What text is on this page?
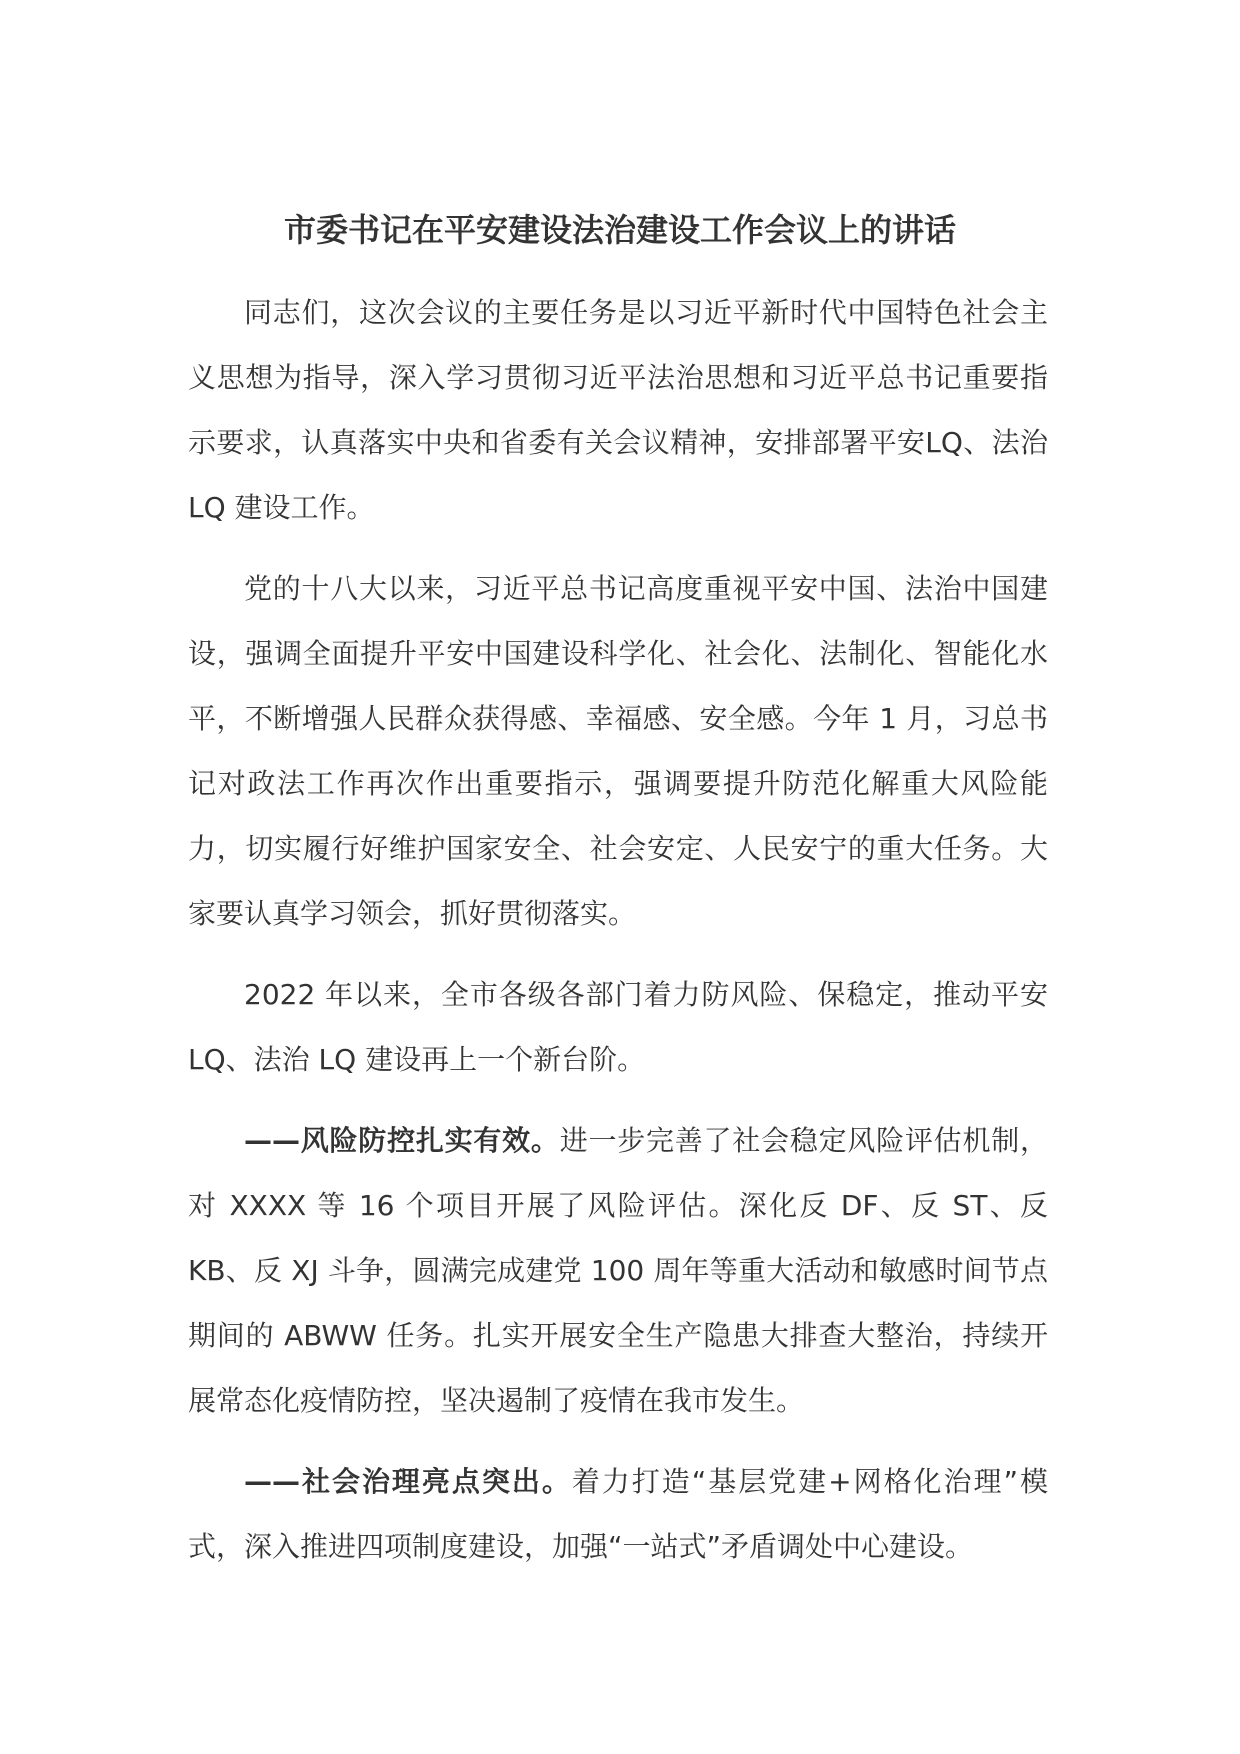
市委书记在平安建设法治建设工作会议上的讲话

同志们，这次会议的主要任务是以习近平新时代中国特色社会主义思想为指导，深入学习贯彻习近平法治思想和习近平总书记重要指示要求，认真落实中央和省委有关会议精神，安排部署平安LQ、法治 LQ 建设工作。

党的十八大以来，习近平总书记高度重视平安中国、法治中国建设，强调全面提升平安中国建设科学化、社会化、法制化、智能化水平，不断增强人民群众获得感、幸福感、安全感。今年 1 月，习总书记对政法工作再次作出重要指示，强调要提升防范化解重大风险能力，切实履行好维护国家安全、社会安定、人民安宁的重大任务。大家要认真学习领会，抓好贯彻落实。

2022 年以来，全市各级各部门着力防风险、保稳定，推动平安LQ、法治 LQ 建设再上一个新台阶。

——风险防控扎实有效。进一步完善了社会稳定风险评估机制，对 XXXX 等 16 个项目开展了风险评估。深化反 DF、反 ST、反 KB、反 XJ 斗争，圆满完成建党 100 周年等重大活动和敏感时间节点期间的 ABWW 任务。扎实开展安全生产隐患大排查大整治，持续开展常态化疫情防控，坚决遏制了疫情在我市发生。

——社会治理亮点突出。着力打造“基层党建+网格化治理”模式，深入推进四项制度建设，加强“一站式”矛盾调处中心建设。
